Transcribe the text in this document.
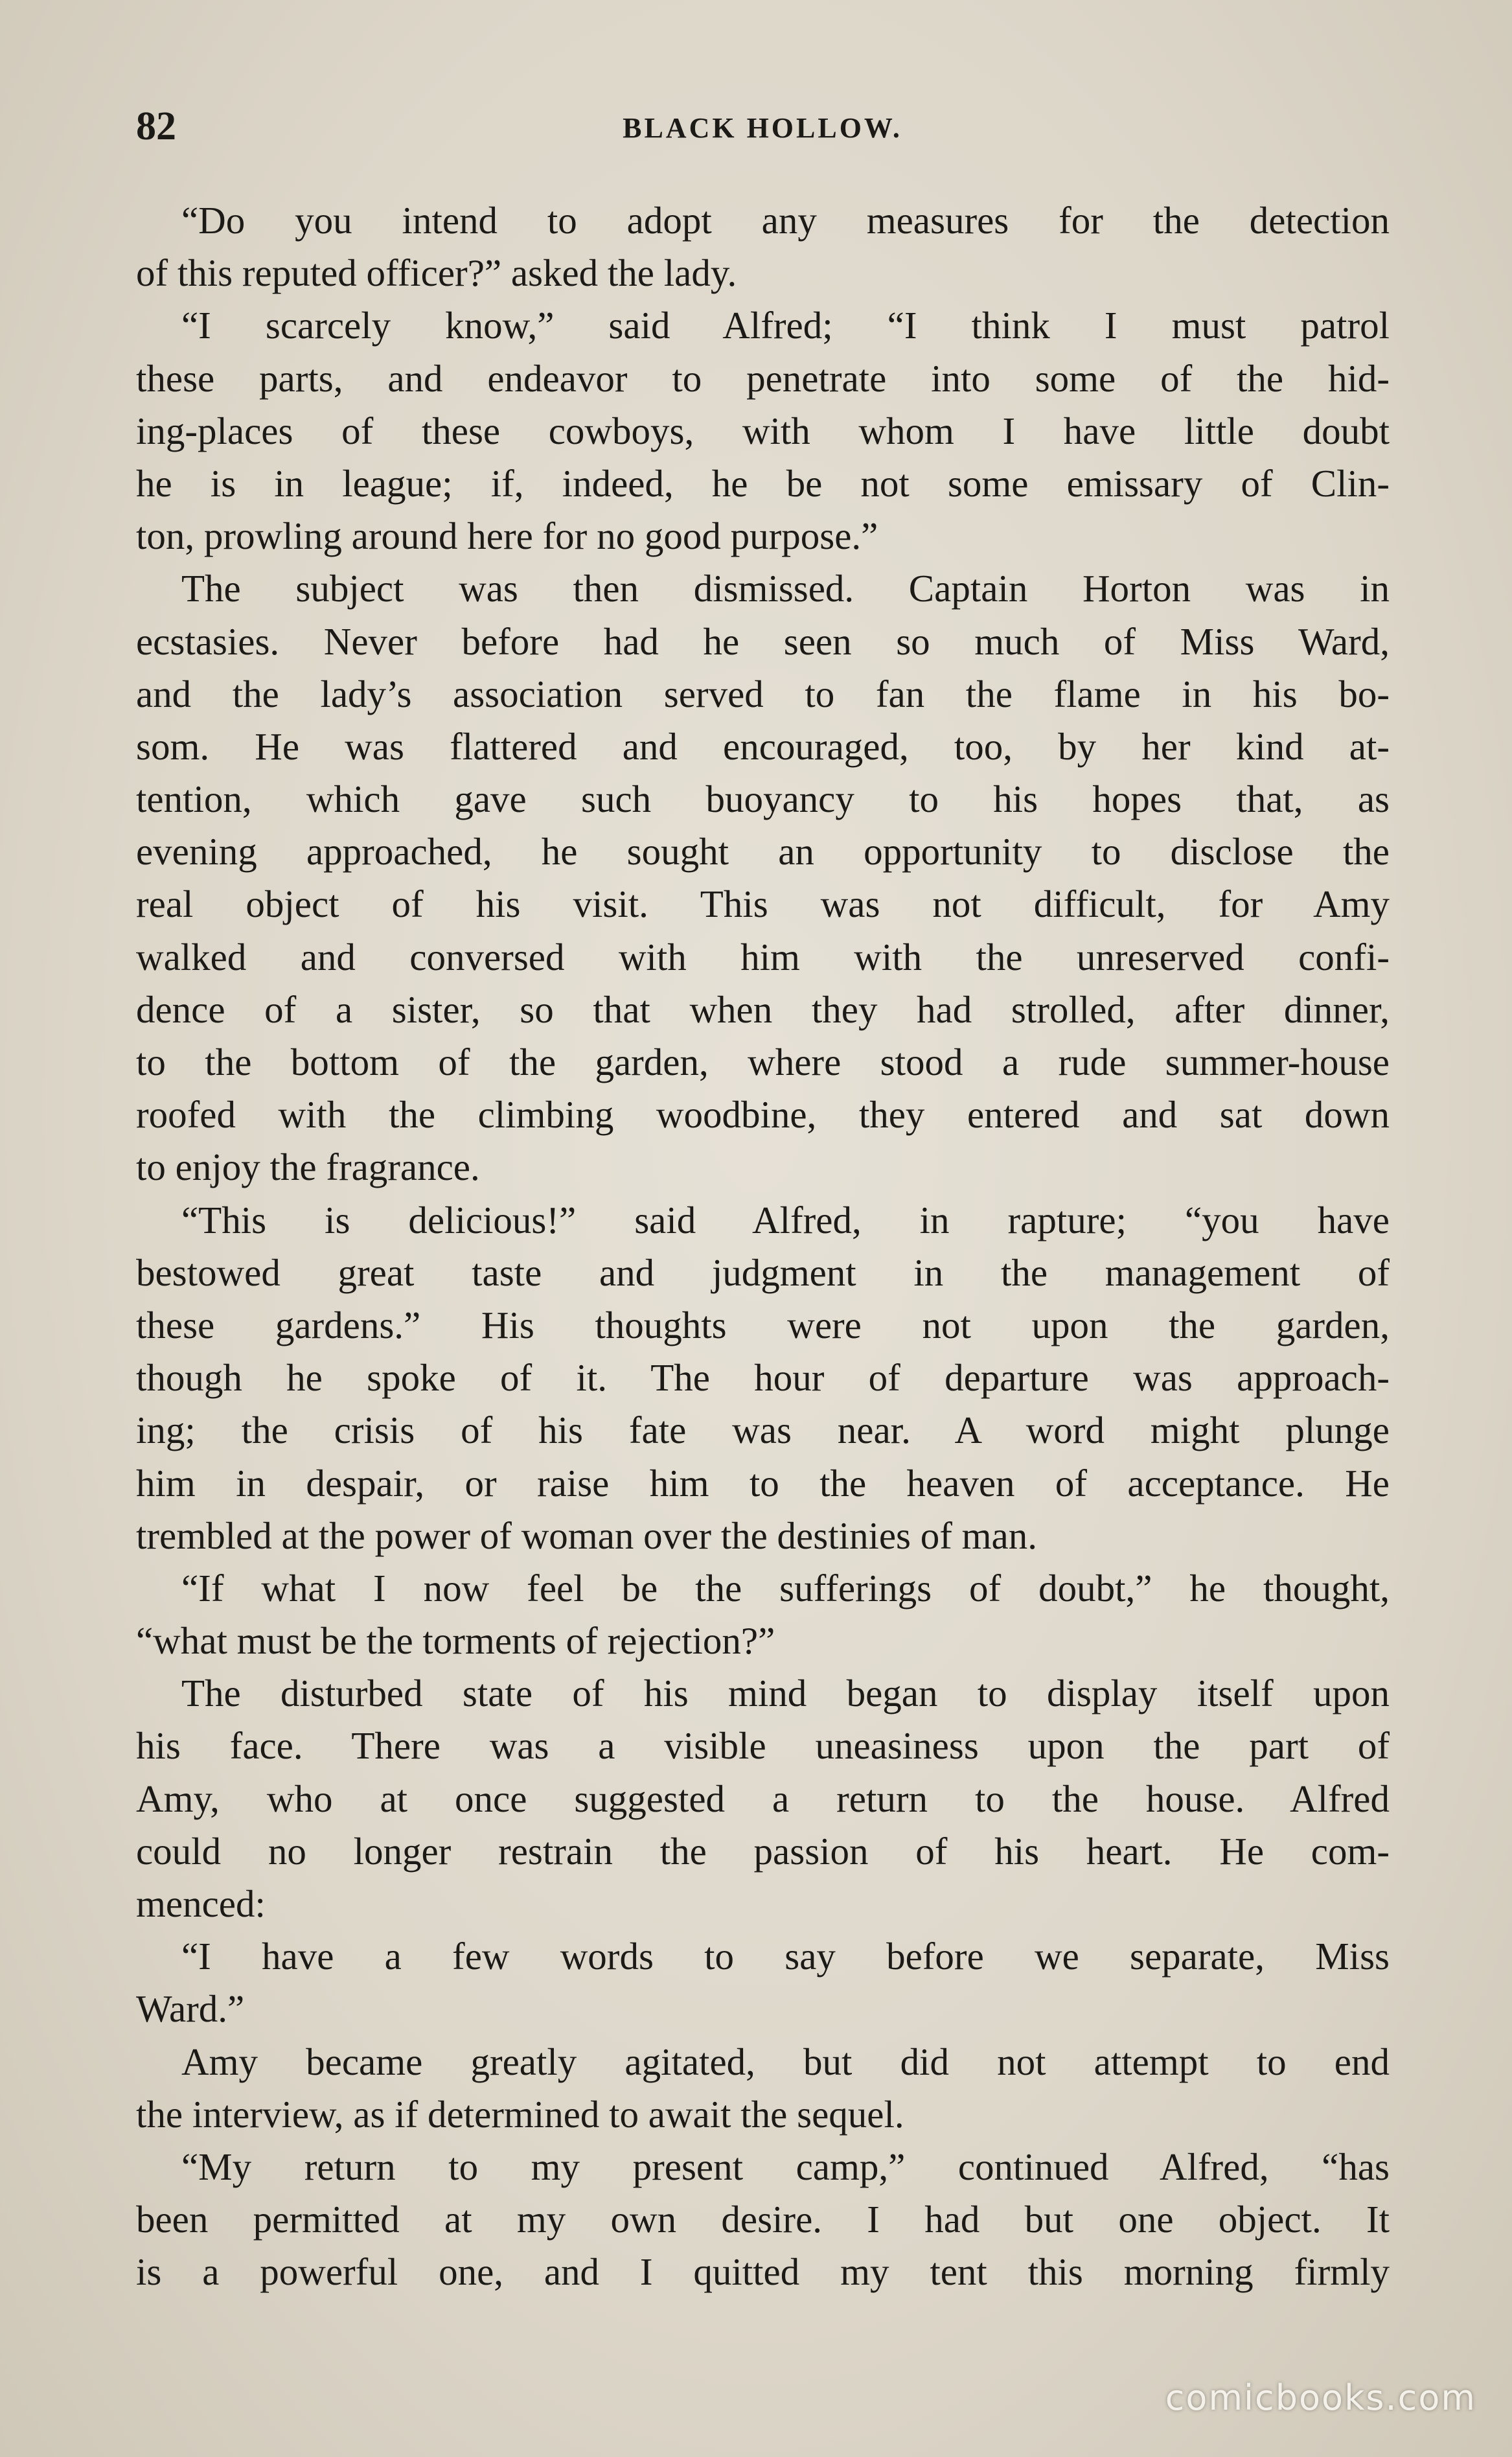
82	BLACK HOLLOW.
“Do you intend to adopt any measures for the detection
of this reputed officer?” asked the lady.
“I scarcely know,” said Alfred; “I think I must patrol
these parts, and endeavor to penetrate into some of the hid-
ing-places of these cowboys, with whom I have little doubt
he is in league; if, indeed, he be not some emissary of Clin-
ton, prowling around here for no good purpose.”
The subject was then dismissed. Captain Horton was in
ecstasies. Never before had he seen so much of Miss Ward,
and the lady’s association served to fan the flame in his bo-
som. He was flattered and encouraged, too, by her kind at-
tention, which gave such buoyancy to his hopes that, as
evening approached, he sought an opportunity to disclose the
real object of his visit. This was not difficult, for Amy
walked and conversed with him with the unreserved confi-
dence of a sister, so that when they had strolled, after dinner,
to the bottom of the garden, where stood a rude summer-house
roofed with the climbing woodbine, they entered and sat down
to enjoy the fragrance.
“This is delicious!” said Alfred, in rapture; “you have
bestowed great taste and judgment in the management of
these gardens.” His thoughts were not upon the garden,
though he spoke of it. The hour of departure was approach-
ing; the crisis of his fate was near. A word might plunge
him in despair, or raise him to the heaven of acceptance. He
trembled at the power of woman over the destinies of man.
“If what I now feel be the sufferings of doubt,” he thought,
“what must be the torments of rejection?”
The disturbed state of his mind began to display itself upon
his face. There was a visible uneasiness upon the part of
Amy, who at once suggested a return to the house. Alfred
could no longer restrain the passion of his heart. He com-
menced:
“I have a few words to say before we separate, Miss
Ward.”
Amy became greatly agitated, but did not attempt to end
the interview, as if determined to await the sequel.
“My return to my present camp,” continued Alfred, “has
been permitted at my own desire. I had but one object. It
is a powerful one, and I quitted my tent this morning firmly
comicbooks.com
